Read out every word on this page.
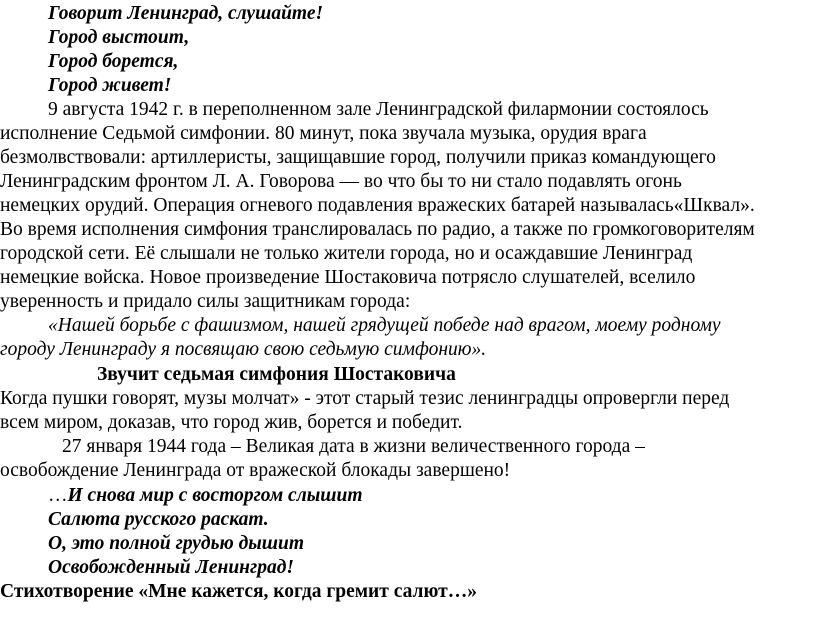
Говорит Ленинград, слушайте!
Город выстоит,
Город борется,
Город живет!
9 августа 1942 г. в переполненном зале Ленинградской филармонии состоялось
исполнение Седьмой симфонии. 80 минут, пока звучала музыка, орудия врага
безмолвствовали: артиллеристы, защищавшие город, получили приказ командующего
Ленинградским фронтом Л. А. Говорова — во что бы то ни стало подавлять огонь
немецких орудий. Операция огневого подавления вражеских батарей называлась«Шквал».
Во время исполнения симфония транслировалась по радио, а также по громкоговорителям
городской сети. Её слышали не только жители города, но и осаждавшие Ленинград
немецкие войска. Новое произведение Шостаковича потрясло слушателей, вселило
уверенность и придало силы защитникам города:
«Нашей борьбе с фашизмом, нашей грядущей победе над врагом, моему родному
городу Ленинграду я посвящаю свою седьмую симфонию».
Звучит седьмая симфония Шостаковича
Когда пушки говорят, музы молчат» - этот старый тезис ленинградцы опровергли перед
всем миром, доказав, что город жив, борется и победит.
27 января 1944 года – Великая дата в жизни величественного города –
освобождение Ленинграда от вражеской блокады завершено!
…И снова мир с восторгом слышит
Салюта русского раскат.
О, это полной грудью дышит
Освобожденный Ленинград!
Стихотворение «Мне кажется, когда гремит салют…»
